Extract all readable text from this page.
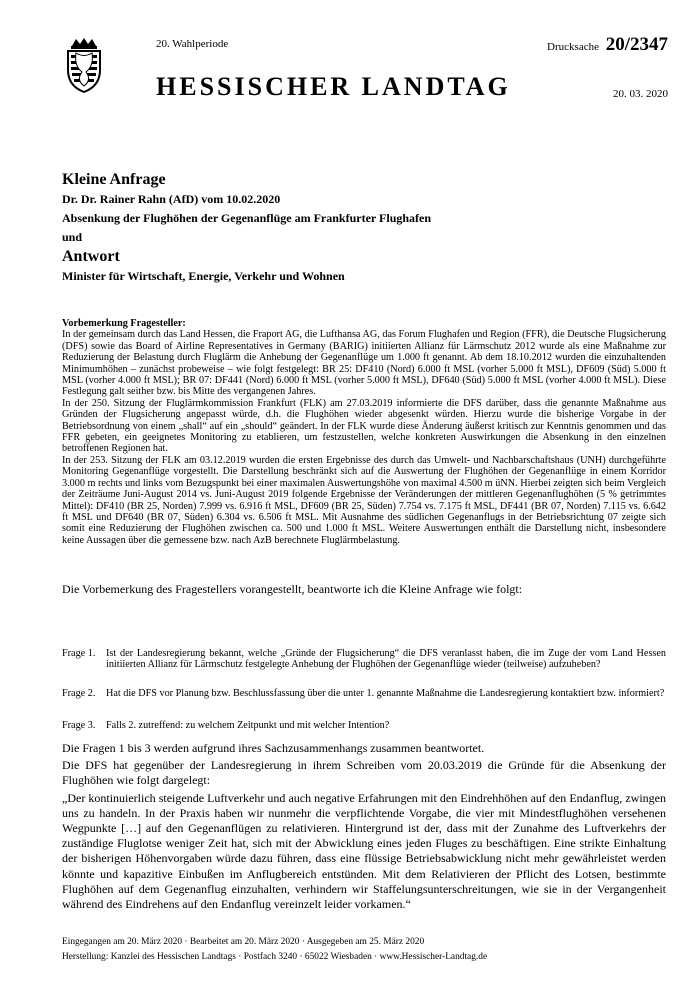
20. Wahlperiode	Drucksache 20/2347
HESSISCHER LANDTAG	20. 03. 2020

Kleine Anfrage

Dr. Dr. Rainer Rahn (AfD) vom 10.02.2020

Absenkung der Flughöhen der Gegenanflüge am Frankfurter Flughafen

und

Antwort

Minister für Wirtschaft, Energie, Verkehr und Wohnen

Vorbemerkung Fragesteller:

In der gemeinsam durch das Land Hessen, die Fraport AG, die Lufthansa AG, das Forum Flughafen und Region (FFR), die Deutsche Flugsicherung (DFS) sowie das Board of Airline Representatives in Germany (BARIG) initiierten Allianz für Lärmschutz 2012 wurde als eine Maßnahme zur Reduzierung der Belastung durch Fluglärm die Anhebung der Gegenanflüge um 1.000 ft genannt. Ab dem 18.10.2012 wurden die einzuhaltenden Minimumhöhen – zunächst probeweise – wie folgt festgelegt: BR 25: DF410 (Nord) 6.000 ft MSL (vorher 5.000 ft MSL), DF609 (Süd) 5.000 ft MSL (vorher 4.000 ft MSL); BR 07: DF441 (Nord) 6.000 ft MSL (vorher 5.000 ft MSL), DF640 (Süd) 5.000 ft MSL (vorher 4.000 ft MSL). Diese Festlegung galt seither bzw. bis Mitte des vergangenen Jahres.

In der 250. Sitzung der Fluglärmkommission Frankfurt (FLK) am 27.03.2019 informierte die DFS darüber, dass die genannte Maßnahme aus Gründen der Flugsicherung angepasst würde, d.h. die Flughöhen wieder abgesenkt würden. Hierzu wurde die bisherige Vorgabe in der Betriebsordnung von einem „shall“ auf ein „should“ geändert. In der FLK wurde diese Änderung äußerst kritisch zur Kenntnis genommen und das FFR gebeten, ein geeignetes Monitoring zu etablieren, um festzustellen, welche konkreten Auswirkungen die Absenkung in den einzelnen betroffenen Regionen hat.

In der 253. Sitzung der FLK am 03.12.2019 wurden die ersten Ergebnisse des durch das Umwelt- und Nachbarschaftshaus (UNH) durchgeführte Monitoring Gegenanflüge vorgestellt. Die Darstellung beschränkt sich auf die Auswertung der Flughöhen der Gegenanflüge in einem Korridor 3.000 m rechts und links vom Bezugspunkt bei einer maximalen Auswertungshöhe von maximal 4.500 m üNN. Hierbei zeigten sich beim Vergleich der Zeiträume Juni-August 2014 vs. Juni-August 2019 folgende Ergebnisse der Veränderungen der mittleren Gegenanflughöhen (5 % getrimmtes Mittel): DF410 (BR 25, Norden) 7.999 vs. 6.916 ft MSL, DF609 (BR 25, Süden) 7.754 vs. 7.175 ft MSL, DF441 (BR 07, Norden) 7.115 vs. 6.642 ft MSL und DF640 (BR 07, Süden) 6.304 vs. 6.506 ft MSL. Mit Ausnahme des südlichen Gegenanflugs in der Betriebsrichtung 07 zeigte sich somit eine Reduzierung der Flughöhen zwischen ca. 500 und 1.000 ft MSL. Weitere Auswertungen enthält die Darstellung nicht, insbesondere keine Aussagen über die gemessene bzw. nach AzB berechnete Fluglärmbelastung.

Die Vorbemerkung des Fragestellers vorangestellt, beantworte ich die Kleine Anfrage wie folgt:
Frage 1.	Ist der Landesregierung bekannt, welche „Gründe der Flugsicherung“ die DFS veranlasst haben, die im Zuge der vom Land Hessen initiierten Allianz für Lärmschutz festgelegte Anhebung der Flughöhen der Gegenanflüge wieder (teilweise) aufzuheben?
Frage 2.	Hat die DFS vor Planung bzw. Beschlussfassung über die unter 1. genannte Maßnahme die Landesregierung kontaktiert bzw. informiert?
Frage 3.	Falls 2. zutreffend: zu welchem Zeitpunkt und mit welcher Intention?

Die Fragen 1 bis 3 werden aufgrund ihres Sachzusammenhangs zusammen beantwortet.

Die DFS hat gegenüber der Landesregierung in ihrem Schreiben vom 20.03.2019 die Gründe für die Absenkung der Flughöhen wie folgt dargelegt:

„Der kontinuierlich steigende Luftverkehr und auch negative Erfahrungen mit den Eindrehhöhen auf den Endanflug, zwingen uns zu handeln. In der Praxis haben wir nunmehr die verpflichtende Vorgabe, die vier mit Mindestflughöhen versehenen Wegpunkte […] auf den Gegenanflügen zu relativieren. Hintergrund ist der, dass mit der Zunahme des Luftverkehrs der zuständige Fluglotse weniger Zeit hat, sich mit der Abwicklung eines jeden Fluges zu beschäftigen. Eine strikte Einhaltung der bisherigen Höhenvorgaben würde dazu führen, dass eine flüssige Betriebsabwicklung nicht mehr gewährleistet werden könnte und kapazitive Einbußen im Anflugbereich entstünden. Mit dem Relativieren der Pflicht des Lotsen, bestimmte Flughöhen auf dem Gegenanflug einzuhalten, verhindern wir Staffelungsunterschreitungen, wie sie in der Vergangenheit während des Eindrehens auf den Endanflug vereinzelt leider vorkamen.“

Eingegangen am 20. März 2020 · Bearbeitet am 20. März 2020 · Ausgegeben am 25. März 2020
Herstellung: Kanzlei des Hessischen Landtags · Postfach 3240 · 65022 Wiesbaden · www.Hessischer-Landtag.de
